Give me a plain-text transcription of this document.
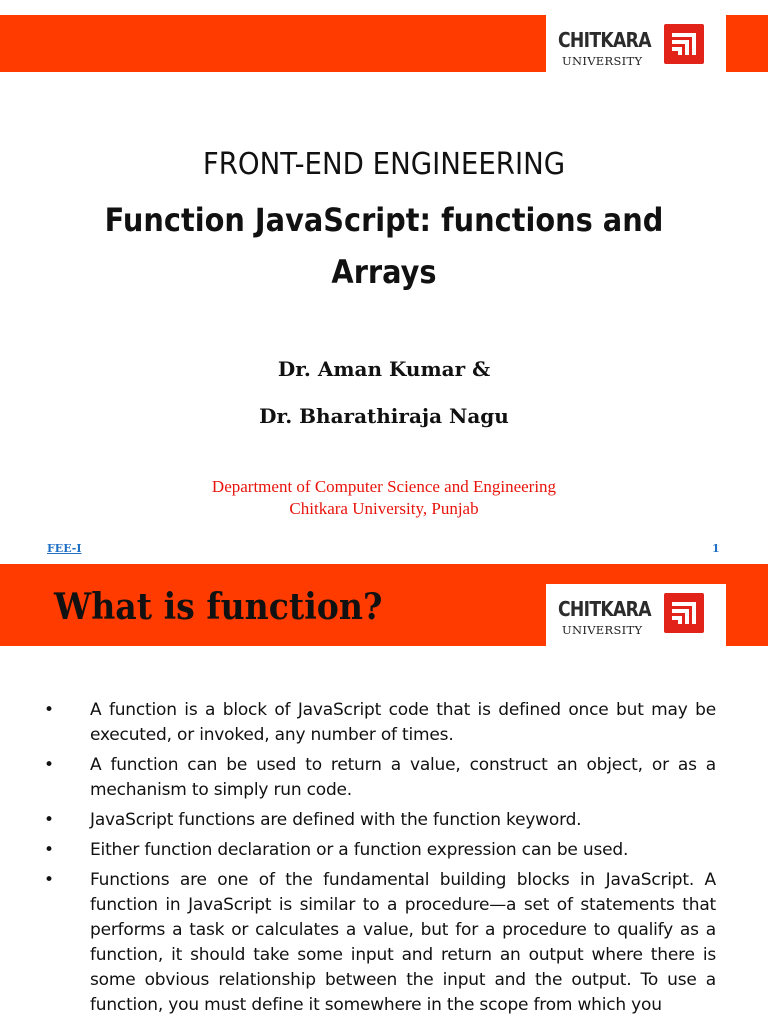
CHITKARA
UNIVERSITY
FRONT-END ENGINEERING
Function JavaScript: functions and Arrays
Dr. Aman Kumar &
Dr. Bharathiraja Nagu
Department of Computer Science and Engineering
Chitkara University, Punjab
FEE-I	1
What is function?	CHITKARA
UNIVERSITY
• A function is a block of JavaScript code that is defined once but may be executed, or invoked, any number of times.
• A function can be used to return a value, construct an object, or as a mechanism to simply run code.
• JavaScript functions are defined with the function keyword.
• Either function declaration or a function expression can be used.
• Functions are one of the fundamental building blocks in JavaScript. A function in JavaScript is similar to a procedure—a set of statements that performs a task or calculates a value, but for a procedure to qualify as a function, it should take some input and return an output where there is some obvious relationship between the input and the output. To use a function, you must define it somewhere in the scope from which you
